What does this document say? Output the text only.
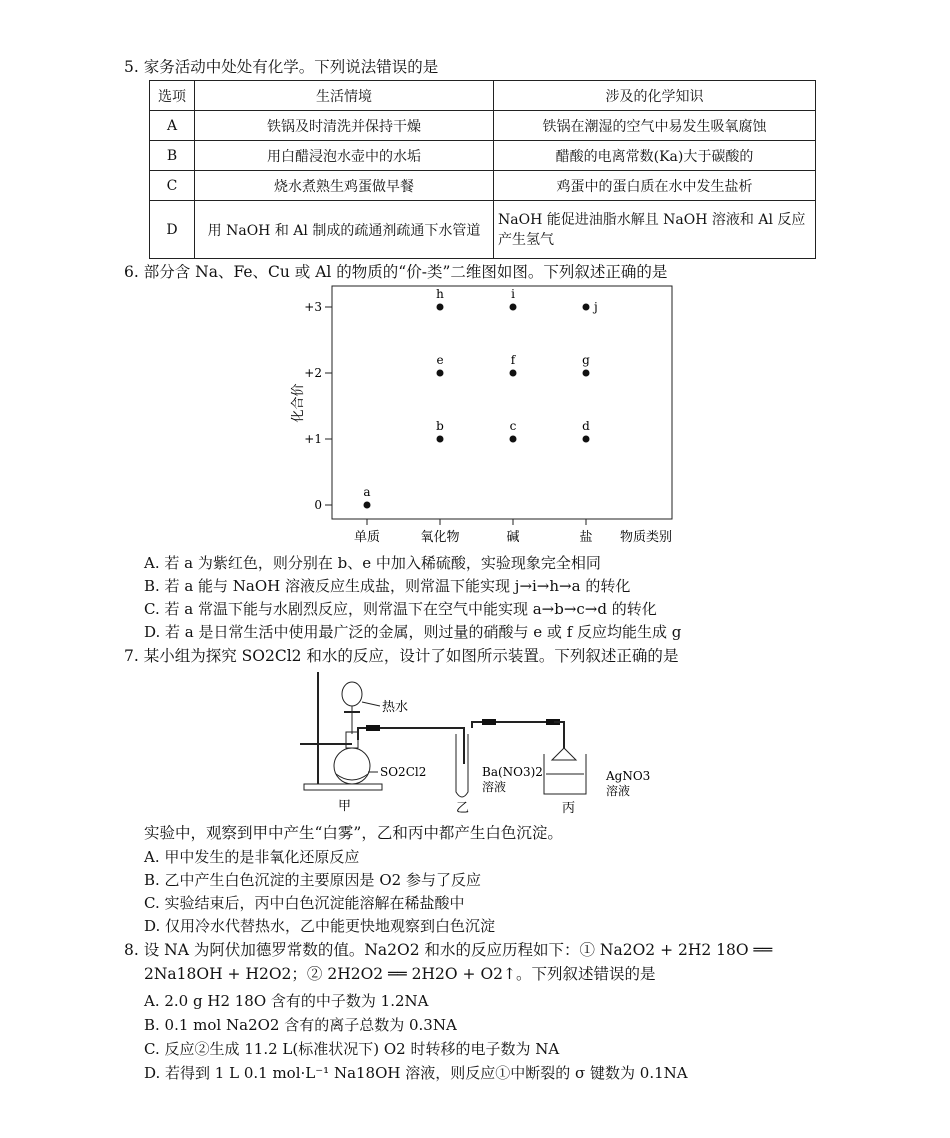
5. 家务活动中处处有化学。下列说法错误的是
选项	生活情境	涉及的化学知识
A	铁锅及时清洗并保持干燥	铁锅在潮湿的空气中易发生吸氧腐蚀
B	用白醋浸泡水壶中的水垢	醋酸的电离常数(Ka)大于碳酸的
C	烧水煮熟生鸡蛋做早餐	鸡蛋中的蛋白质在水中发生盐析
D	用 NaOH 和 Al 制成的疏通剂疏通下水管道	NaOH 能促进油脂水解且 NaOH 溶液和 Al 反应
产生氢气
6. 部分含 Na、Fe、Cu 或 Al 的物质的“价-类”二维图如图。下列叙述正确的是
0
+1
+2
+3
单质	氧化物	碱	盐
a
b	c	d
e	f	g
h	i
j
化合价
物质类别
A. 若 a 为紫红色，则分别在 b、e 中加入稀硫酸，实验现象完全相同
B. 若 a 能与 NaOH 溶液反应生成盐，则常温下能实现 j→i→h→a 的转化
C. 若 a 常温下能与水剧烈反应，则常温下在空气中能实现 a→b→c→d 的转化
D. 若 a 是日常生活中使用最广泛的金属，则过量的硝酸与 e 或 f 反应均能生成 g
7. 某小组为探究 SO2Cl2 和水的反应，设计了如图所示装置。下列叙述正确的是
热水
SO2Cl2
甲
Ba(NO3)2
溶液
乙
AgNO3
溶液
丙
实验中，观察到甲中产生“白雾”，乙和丙中都产生白色沉淀。
A. 甲中发生的是非氧化还原反应
B. 乙中产生白色沉淀的主要原因是 O2 参与了反应
C. 实验结束后，丙中白色沉淀能溶解在稀盐酸中
D. 仅用冷水代替热水，乙中能更快地观察到白色沉淀
8. 设 NA 为阿伏加德罗常数的值。Na2O2 和水的反应历程如下：① Na2O2 + 2H2 18O ══
2Na18OH + H2O2；② 2H2O2 ══ 2H2O + O2↑。下列叙述错误的是
A. 2.0 g H2 18O 含有的中子数为 1.2NA
B. 0.1 mol Na2O2 含有的离子总数为 0.3NA
C. 反应②生成 11.2 L(标准状况下) O2 时转移的电子数为 NA
D. 若得到 1 L 0.1 mol·L⁻¹ Na18OH 溶液，则反应①中断裂的 σ 键数为 0.1NA
